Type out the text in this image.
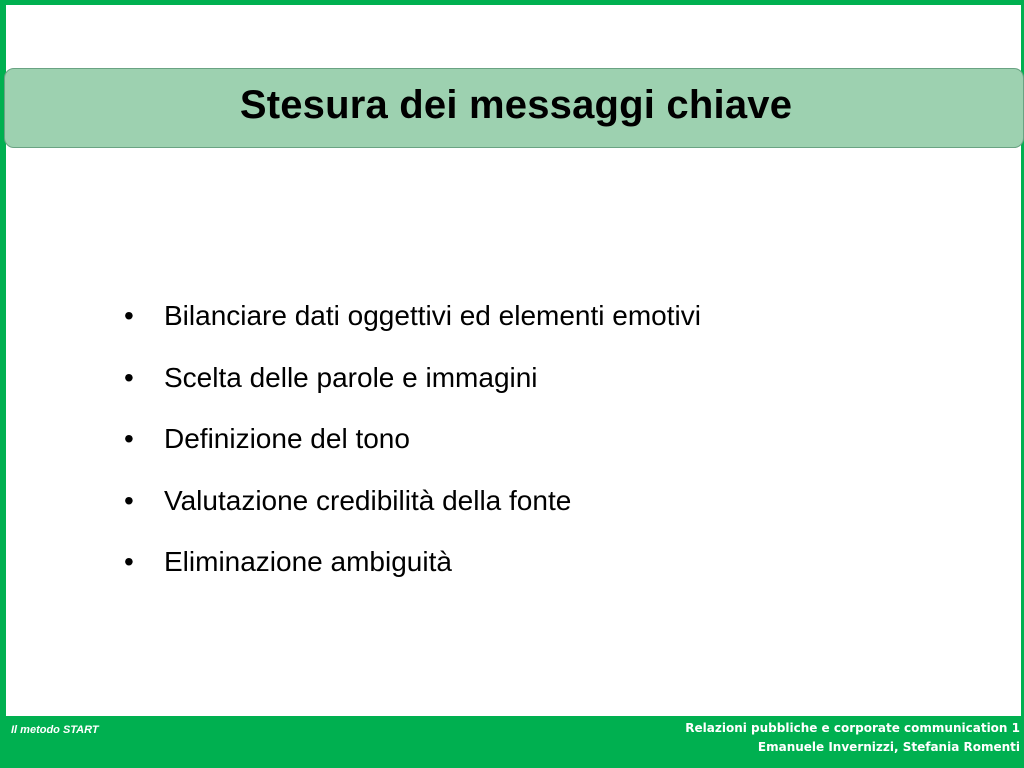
Stesura dei messaggi chiave
•	Bilanciare dati oggettivi ed elementi emotivi
•	Scelta delle parole e immagini
•	Definizione del tono
•	Valutazione credibilità della fonte
•	Eliminazione ambiguità
Il metodo START	Relazioni pubbliche e corporate communication 1
Emanuele Invernizzi, Stefania Romenti
